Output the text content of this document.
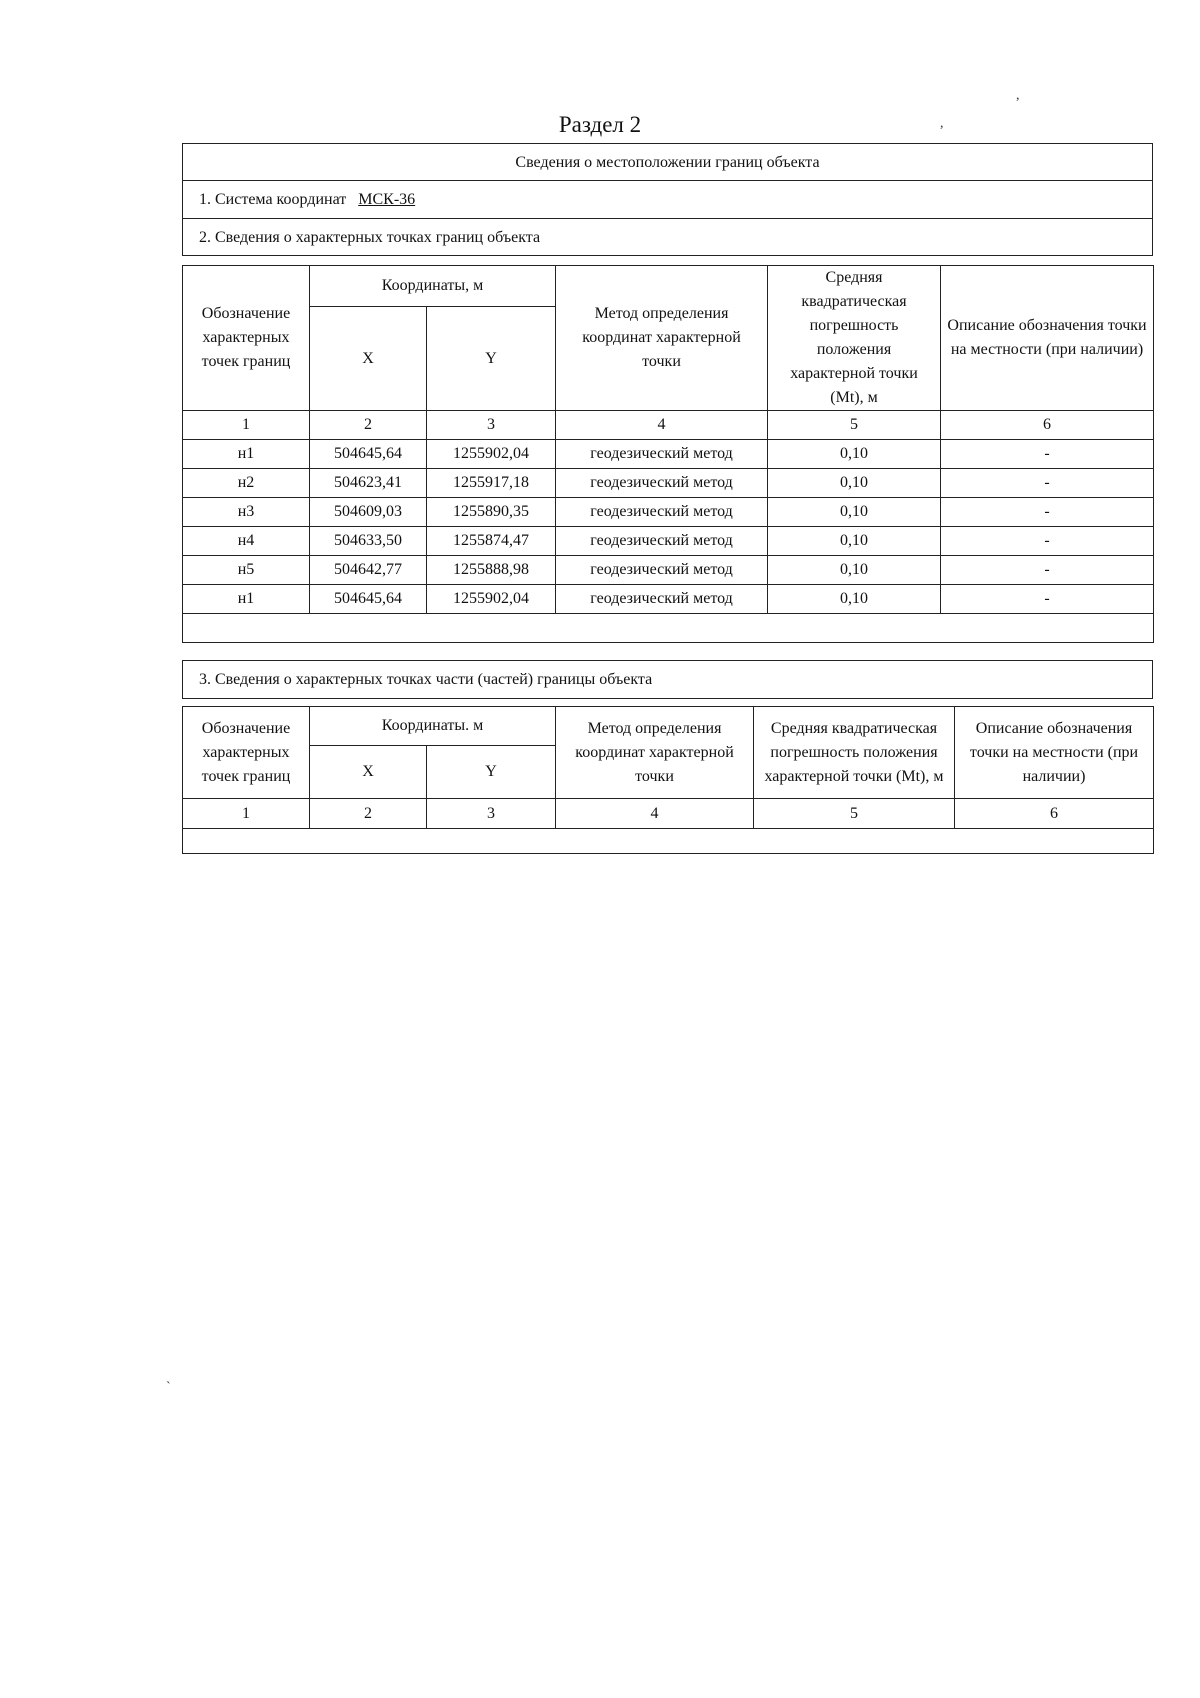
Раздел 2
Сведения о местоположении границ объекта
1. Система координат МСК-36
2. Сведения о характерных точках границ объекта
Обозначение характерных точек границ	Координаты, м		Метод определения координат характерной точки	Средняя квадратическая погрешность положения характерной точки (Mt), м	Описание обозначения точки на местности (при наличии)
	X	Y			
1	2	3	4	5	6
н1	504645,64	1255902,04	геодезический метод	0,10	-
н2	504623,41	1255917,18	геодезический метод	0,10	-
н3	504609,03	1255890,35	геодезический метод	0,10	-
н4	504633,50	1255874,47	геодезический метод	0,10	-
н5	504642,77	1255888,98	геодезический метод	0,10	-
н1	504645,64	1255902,04	геодезический метод	0,10	-

3. Сведения о характерных точках части (частей) границы объекта
Обозначение характерных точек границ	Координаты. м		Метод определения координат характерной точки	Средняя квадратическая погрешность положения характерной точки (Mt), м	Описание обозначения точки на местности (при наличии)
	X	Y			
1	2	3	4	5	6

,
,
`
